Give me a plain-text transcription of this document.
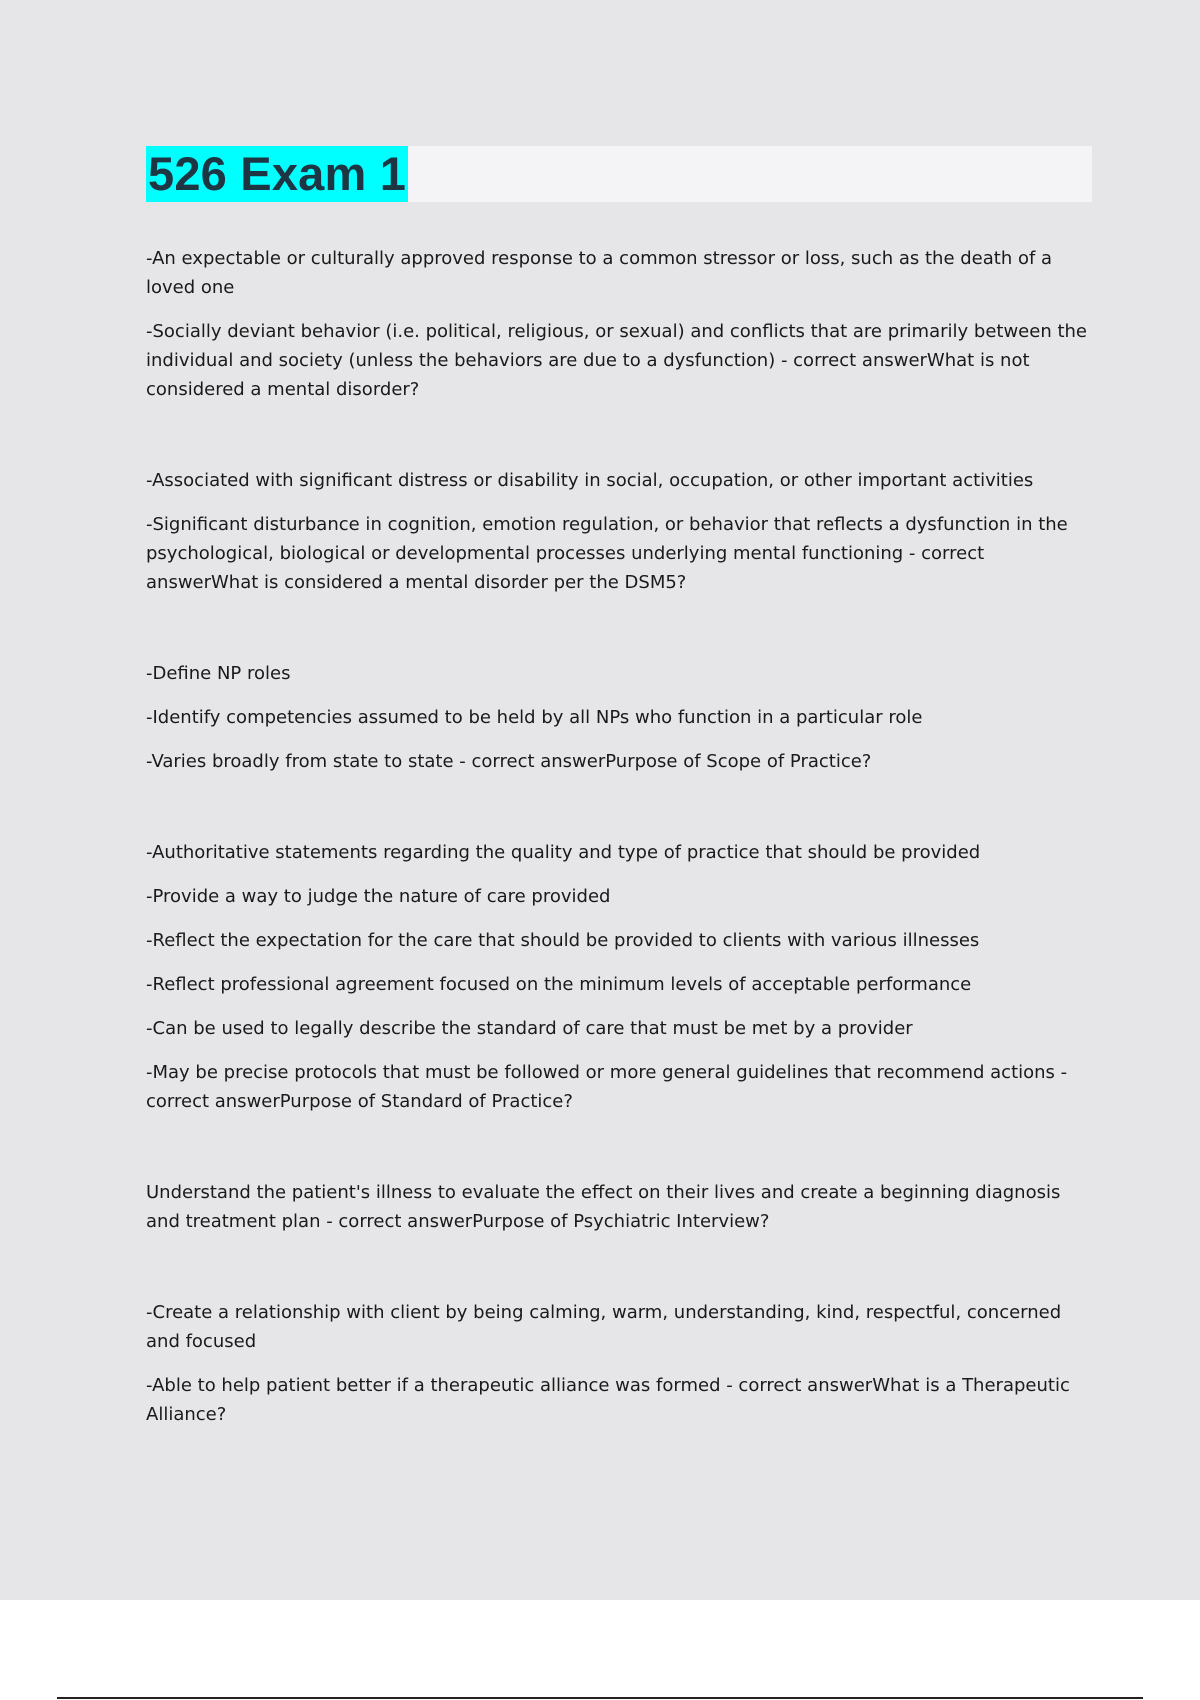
526 Exam 1

-An expectable or culturally approved response to a common stressor or loss, such as the death of a loved one

-Socially deviant behavior (i.e. political, religious, or sexual) and conflicts that are primarily between the individual and society (unless the behaviors are due to a dysfunction) - correct answerWhat is not considered a mental disorder?

-Associated with significant distress or disability in social, occupation, or other important activities

-Significant disturbance in cognition, emotion regulation, or behavior that reflects a dysfunction in the psychological, biological or developmental processes underlying mental functioning - correct answerWhat is considered a mental disorder per the DSM5?

-Define NP roles

-Identify competencies assumed to be held by all NPs who function in a particular role

-Varies broadly from state to state - correct answerPurpose of Scope of Practice?

-Authoritative statements regarding the quality and type of practice that should be provided

-Provide a way to judge the nature of care provided

-Reflect the expectation for the care that should be provided to clients with various illnesses

-Reflect professional agreement focused on the minimum levels of acceptable performance

-Can be used to legally describe the standard of care that must be met by a provider

-May be precise protocols that must be followed or more general guidelines that recommend actions - correct answerPurpose of Standard of Practice?

Understand the patient's illness to evaluate the effect on their lives and create a beginning diagnosis and treatment plan - correct answerPurpose of Psychiatric Interview?

-Create a relationship with client by being calming, warm, understanding, kind, respectful, concerned and focused

-Able to help patient better if a therapeutic alliance was formed - correct answerWhat is a Therapeutic Alliance?
